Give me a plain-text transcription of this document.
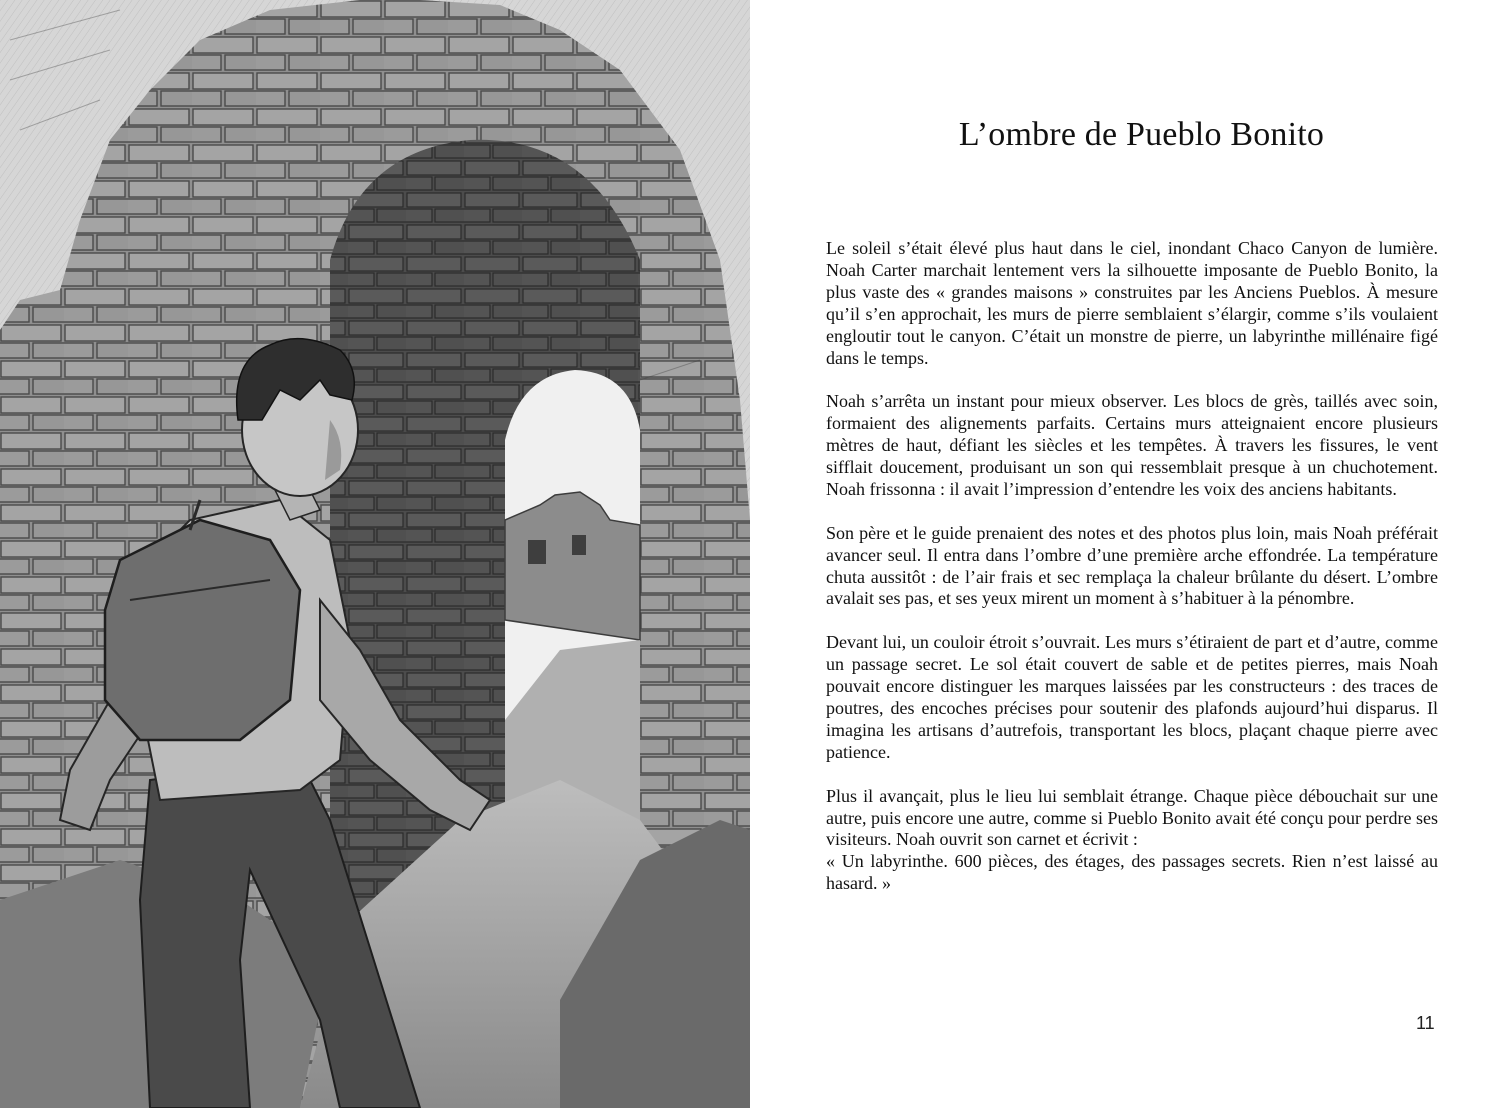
L’ombre de Pueblo Bonito

Le soleil s’était élevé plus haut dans le ciel, inondant Chaco Canyon de lumière. Noah Carter marchait lentement vers la silhouette imposante de Pueblo Bonito, la plus vaste des « grandes maisons » construites par les Anciens Pueblos. À mesure qu’il s’en approchait, les murs de pierre semblaient s’élargir, comme s’ils voulaient engloutir tout le canyon. C’était un monstre de pierre, un labyrinthe millénaire figé dans le temps.

Noah s’arrêta un instant pour mieux observer. Les blocs de grès, taillés avec soin, formaient des alignements parfaits. Certains murs atteignaient encore plusieurs mètres de haut, défiant les siècles et les tempêtes. À travers les fissures, le vent sifflait doucement, produisant un son qui ressemblait presque à un chuchotement. Noah frissonna : il avait l’impression d’entendre les voix des anciens habitants.

Son père et le guide prenaient des notes et des photos plus loin, mais Noah préférait avancer seul. Il entra dans l’ombre d’une première arche effondrée. La température chuta aussitôt : de l’air frais et sec remplaça la chaleur brûlante du désert. L’ombre avalait ses pas, et ses yeux mirent un moment à s’habituer à la pénombre.

Devant lui, un couloir étroit s’ouvrait. Les murs s’étiraient de part et d’autre, comme un passage secret. Le sol était couvert de sable et de petites pierres, mais Noah pouvait encore distinguer les marques laissées par les constructeurs : des traces de poutres, des encoches précises pour soutenir des plafonds aujourd’hui disparus. Il imagina les artisans d’autrefois, transportant les blocs, plaçant chaque pierre avec patience.

Plus il avançait, plus le lieu lui semblait étrange. Chaque pièce débouchait sur une autre, puis encore une autre, comme si Pueblo Bonito avait été conçu pour perdre ses visiteurs. Noah ouvrit son carnet et écrivit :
« Un labyrinthe. 600 pièces, des étages, des passages secrets. Rien n’est laissé au hasard. »

11
